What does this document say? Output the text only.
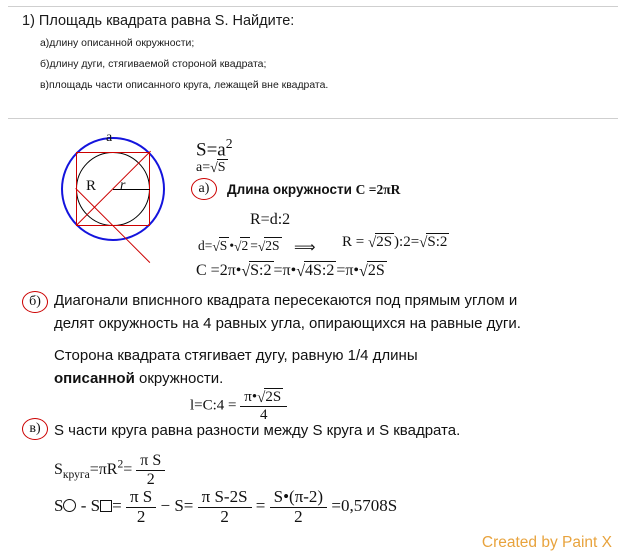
1) Площадь квадрата равна S. Найдите:
а)длину описанной окружности;
б)длину дуги, стягиваемой стороной квадрата;
в)площадь части описанного круга, лежащей вне квадрата.
a
R r
$S=a^2$
a=√S
а)	Длина окружности C =2πR
R=d:2
d=√S •√2 =√2S ⟹ R = √2S ):2=√S:2
C =2π•√S:2 =π•√4S:2 =π•√2S
б) Диагонали вписнного квадрата пересекаются под прямым углом и
делят окружность на 4 равных угла, опирающихся на равные дуги.
Сторона квадрата стягивает дугу, равную 1/4 длины
описанной окружности.
l=C:4 = $\frac{\pi•√2S}{4}$
в) S части круга равна разности между S круга и S квадрата.
$S_{круга}=\pi R^2= \frac{\text{π S}}{2}$
$S - S = \frac{\text{π S}}{2} - S= \frac{\text{π S-2S}}{2} = \frac{S•(\pi-2)}{2} =0,5708S$
Created by Paint X
